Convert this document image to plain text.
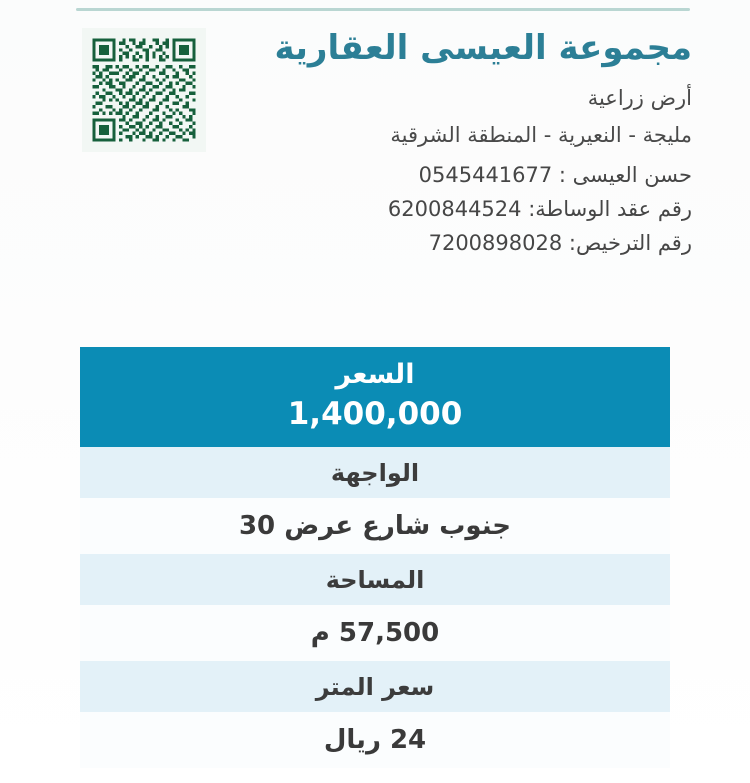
مجموعة العيسى العقارية
أرض زراعية
مليجة - النعيرية - المنطقة الشرقية
حسن العيسى : 0545441677
رقم عقد الوساطة: 6200844524
رقم الترخيص: 7200898028
السعر
1,400,000
الواجهة
جنوب شارع عرض 30
المساحة
57,500 م
سعر المتر
24 ريال
